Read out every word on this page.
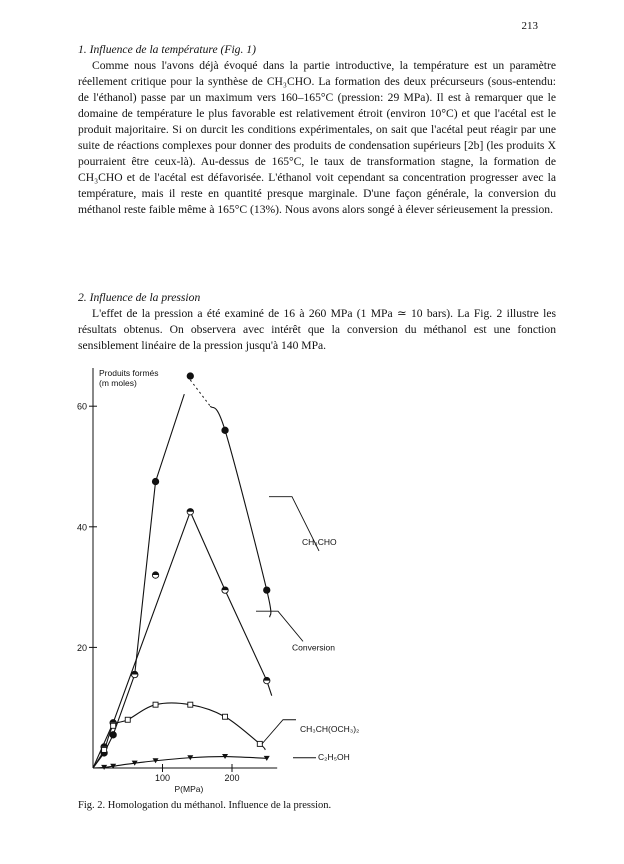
213

1. Influence de la température (Fig. 1)

Comme nous l'avons déjà évoqué dans la partie introductive, la température est un paramètre réellement critique pour la synthèse de CH₃CHO. La formation des deux précurseurs (sous-entendu: de l'éthanol) passe par un maximum vers 160–165°C (pression: 29 MPa). Il est à remarquer que le domaine de température le plus favorable est relativement étroit (environ 10°C) et que l'acétal est le produit majoritaire. Si on durcit les conditions expérimentales, on sait que l'acétal peut réagir par une suite de réactions complexes pour donner des produits de condensation supérieurs [2b] (les produits X pourraient être ceux-là). Au-dessus de 165°C, le taux de transformation stagne, la formation de CH₃CHO et de l'acétal est défavorisée. L'éthanol voit cependant sa concentration progresser avec la température, mais il reste en quantité presque marginale. D'une façon générale, la conversion du méthanol reste faible même à 165°C (13%). Nous avons alors songé à élever sérieusement la pression.

2. Influence de la pression

L'effet de la pression a été examiné de 16 à 260 MPa (1 MPa ≃ 10 bars). La Fig. 2 illustre les résultats obtenus. On observera avec intérêt que la conversion du méthanol est une fonction sensiblement linéaire de la pression jusqu'à 140 MPa.

20
40
60
100	200
P(MPa)
Produits formés
(m moles)
CH₃CHO
Conversion
CH₃CH(OCH₃)₂
C₂H₅OH
Fig. 2. Homologation du méthanol. Influence de la pression.
